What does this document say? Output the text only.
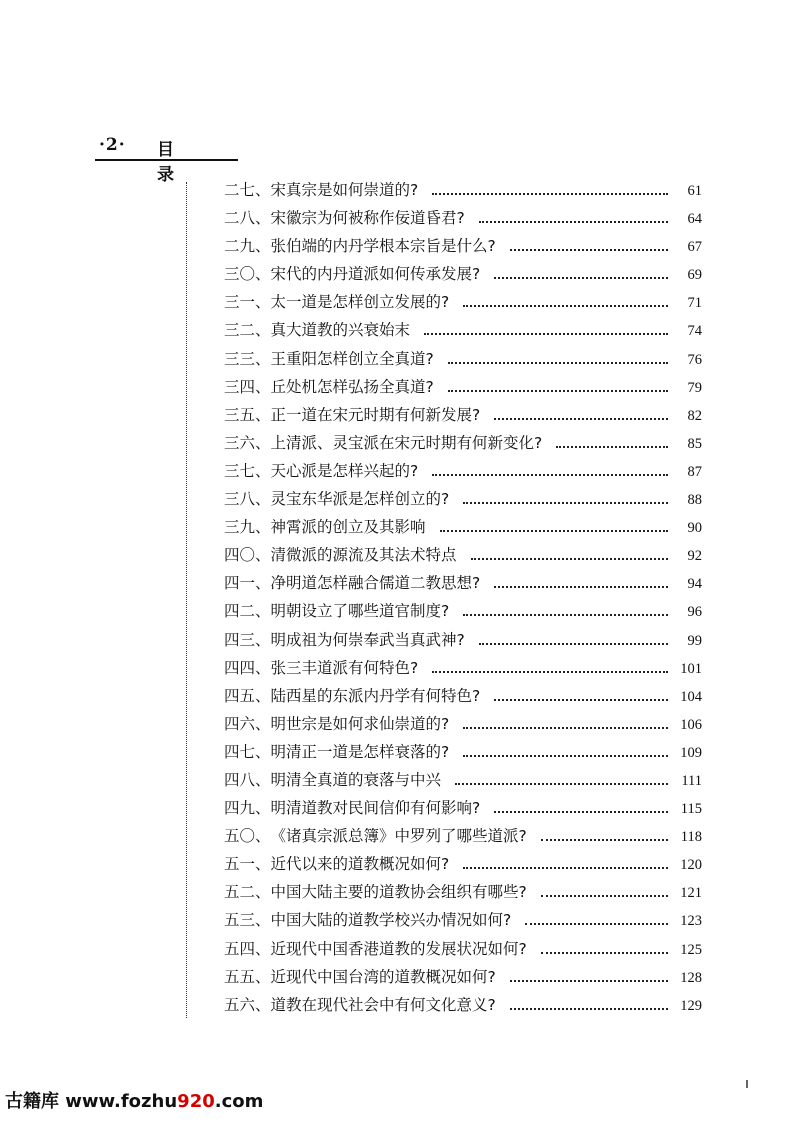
·2· 目录
二七、 宋真宗是如何崇道的?	61
二八、 宋徽宗为何被称作佞道昏君?	64
二九、 张伯端的内丹学根本宗旨是什么?	67
三〇、 宋代的内丹道派如何传承发展?	69
三一、 太一道是怎样创立发展的?	71
三二、 真大道教的兴衰始末	74
三三、 王重阳怎样创立全真道?	76
三四、 丘处机怎样弘扬全真道?	79
三五、 正一道在宋元时期有何新发展?	82
三六、 上清派、灵宝派在宋元时期有何新变化?	85
三七、 天心派是怎样兴起的?	87
三八、 灵宝东华派是怎样创立的?	88
三九、 神霄派的创立及其影响	90
四〇、 清微派的源流及其法术特点	92
四一、 净明道怎样融合儒道二教思想?	94
四二、 明朝设立了哪些道官制度?	96
四三、 明成祖为何崇奉武当真武神?	99
四四、 张三丰道派有何特色?	101
四五、 陆西星的东派内丹学有何特色?	104
四六、 明世宗是如何求仙崇道的?	106
四七、 明清正一道是怎样衰落的?	109
四八、 明清全真道的衰落与中兴	111
四九、 明清道教对民间信仰有何影响?	115
五〇、 《诸真宗派总簿》中罗列了哪些道派?	118
五一、 近代以来的道教概况如何?	120
五二、 中国大陆主要的道教协会组织有哪些?	121
五三、 中国大陆的道教学校兴办情况如何?	123
五四、 近现代中国香港道教的发展状况如何?	125
五五、 近现代中国台湾的道教概况如何?	128
五六、 道教在现代社会中有何文化意义?	129
古籍库 www.fozhu920.com
